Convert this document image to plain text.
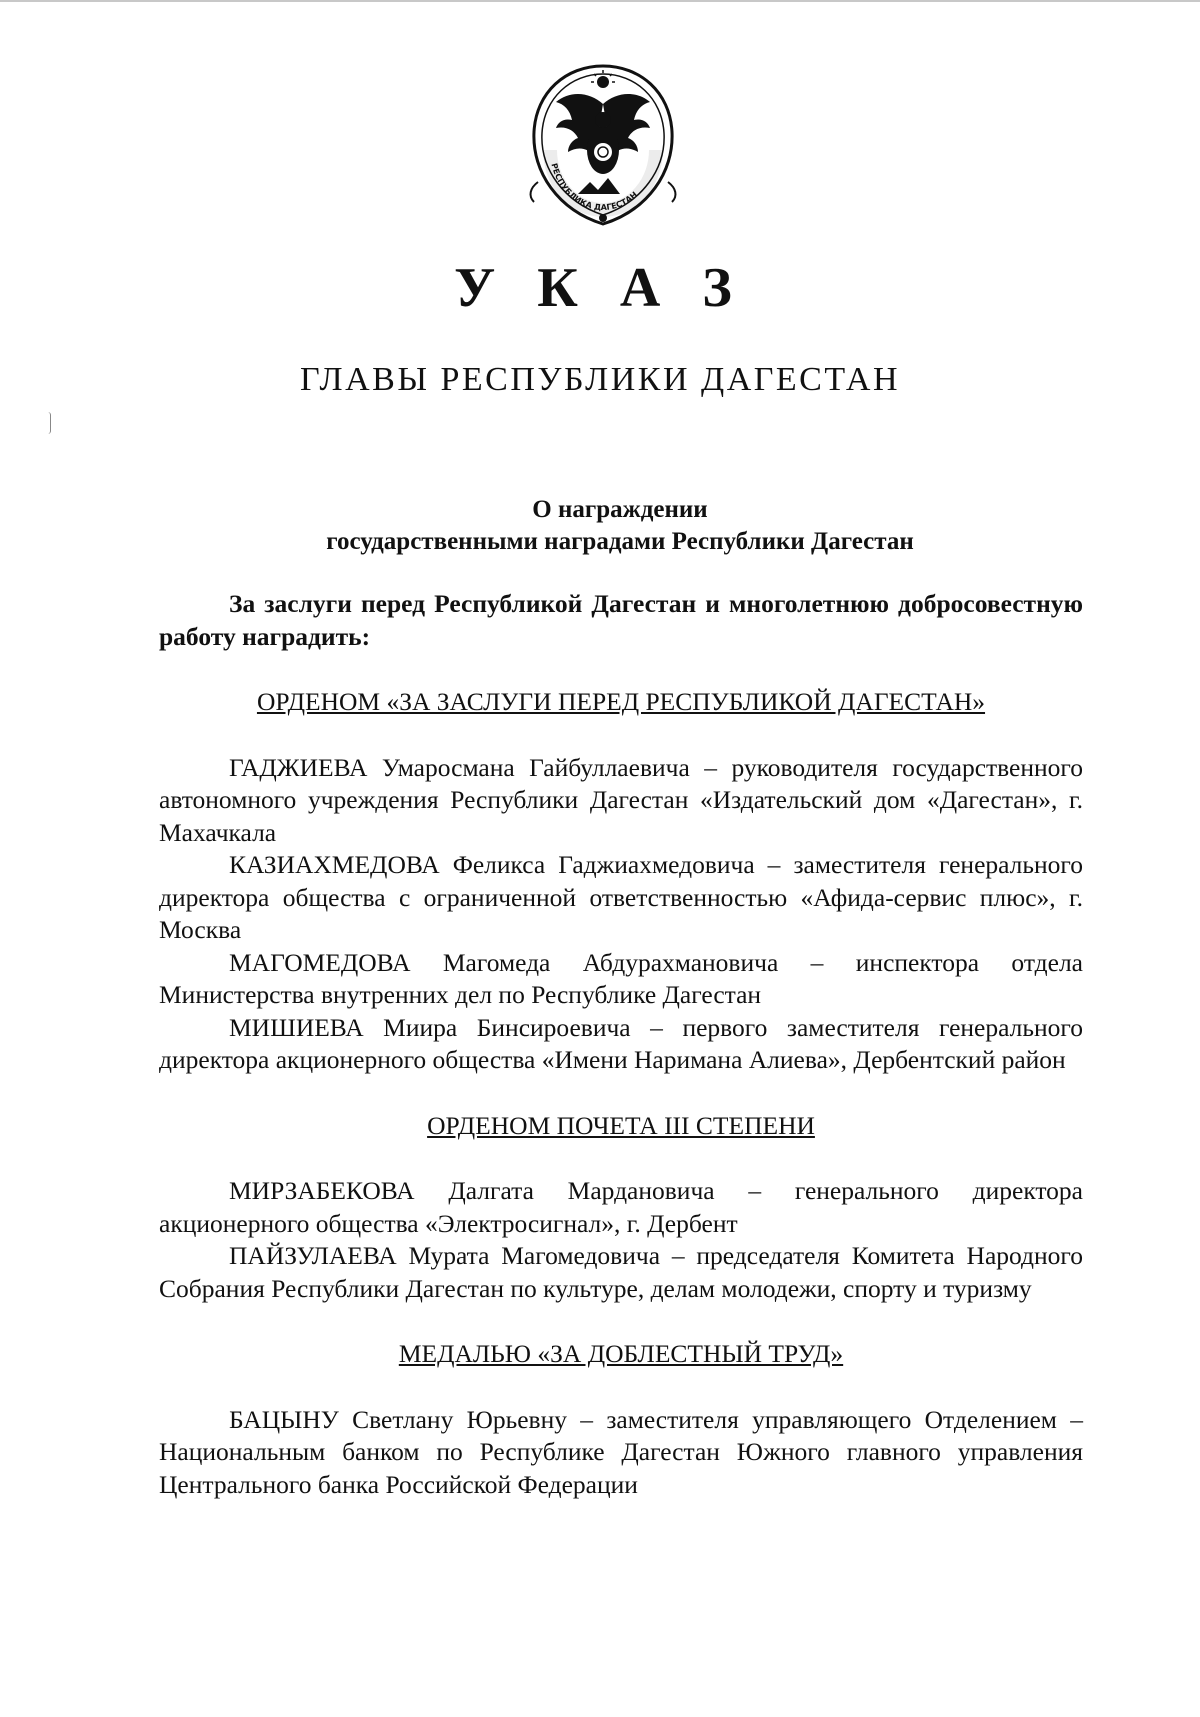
РЕСПУБЛИКА ДАГЕСТАН
У К А З
ГЛАВЫ РЕСПУБЛИКИ ДАГЕСТАН
О награждении
государственными наградами Республики Дагестан

За заслуги перед Республикой Дагестан и многолетнюю добросовестную работу наградить:

ОРДЕНОМ «ЗА ЗАСЛУГИ ПЕРЕД РЕСПУБЛИКОЙ ДАГЕСТАН»

ГАДЖИЕВА Умаросмана Гайбуллаевича – руководителя государственного автономного учреждения Республики Дагестан «Издательский дом «Дагестан», г. Махачкала

КАЗИАХМЕДОВА Феликса Гаджиахмедовича – заместителя генерального директора общества с ограниченной ответственностью «Афида-сервис плюс», г. Москва

МАГОМЕДОВА Магомеда Абдурахмановича – инспектора отдела Министерства внутренних дел по Республике Дагестан

МИШИЕВА Миира Бинсироевича – первого заместителя генерального директора акционерного общества «Имени Наримана Алиева», Дербентский район

ОРДЕНОМ ПОЧЕТА III СТЕПЕНИ

МИРЗАБЕКОВА Далгата Мардановича – генерального директора акционерного общества «Электросигнал», г. Дербент

ПАЙЗУЛАЕВА Мурата Магомедовича – председателя Комитета Народного Собрания Республики Дагестан по культуре, делам молодежи, спорту и туризму

МЕДАЛЬЮ «ЗА ДОБЛЕСТНЫЙ ТРУД»

БАЦЫНУ Светлану Юрьевну – заместителя управляющего Отделением – Национальным банком по Республике Дагестан Южного главного управления Центрального банка Российской Федерации
